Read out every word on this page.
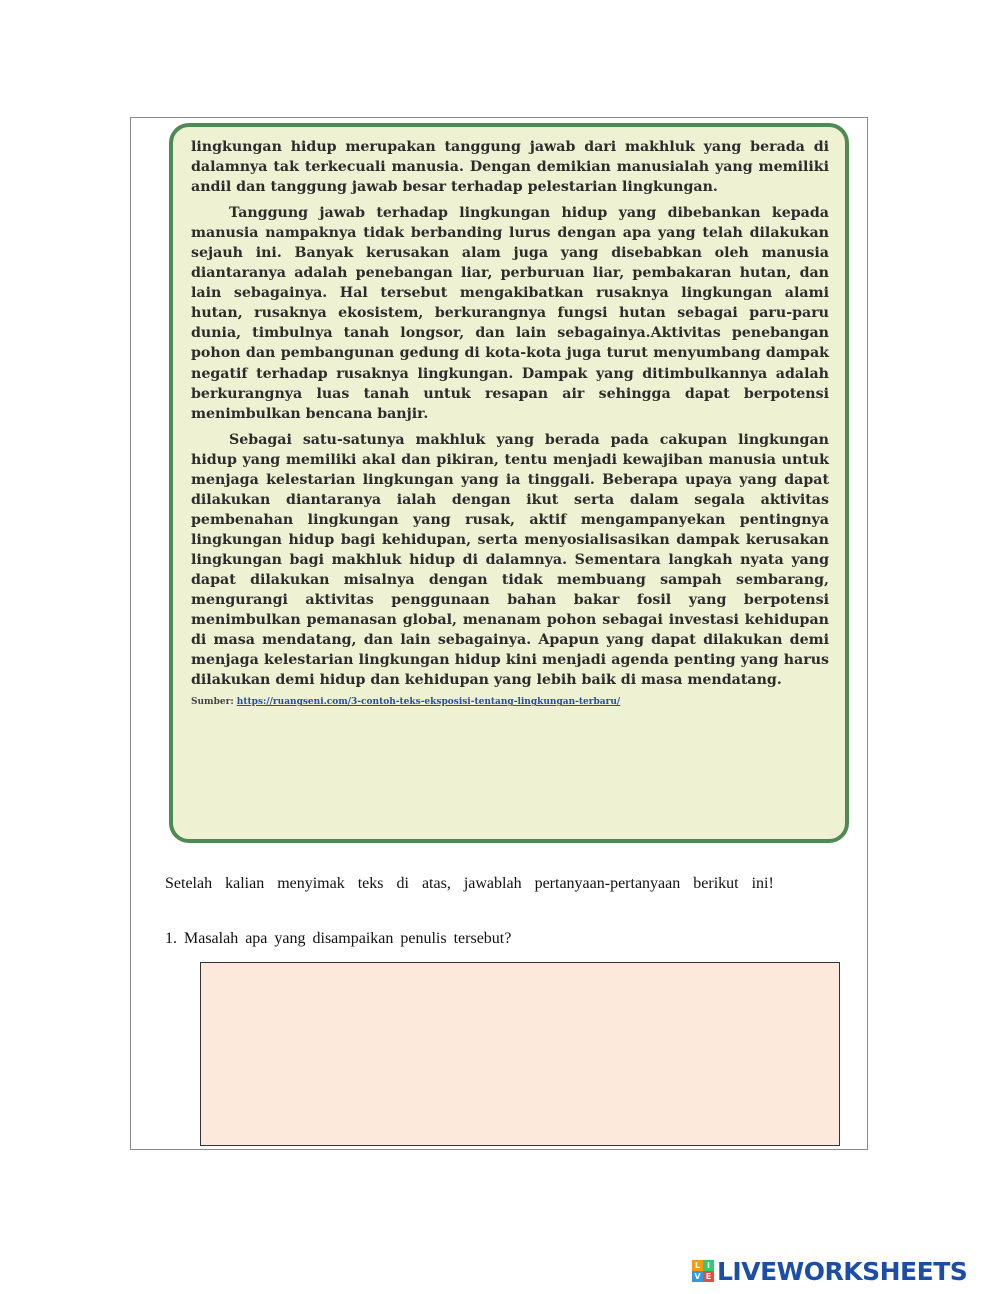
lingkungan hidup merupakan tanggung jawab dari makhluk yang berada di dalamnya tak terkecuali manusia. Dengan demikian manusialah yang memiliki andil dan tanggung jawab besar terhadap pelestarian lingkungan.

Tanggung jawab terhadap lingkungan hidup yang dibebankan kepada manusia nampaknya tidak berbanding lurus dengan apa yang telah dilakukan sejauh ini. Banyak kerusakan alam juga yang disebabkan oleh manusia diantaranya adalah penebangan liar, perburuan liar, pembakaran hutan, dan lain sebagainya. Hal tersebut mengakibatkan rusaknya lingkungan alami hutan, rusaknya ekosistem, berkurangnya fungsi hutan sebagai paru-paru dunia, timbulnya tanah longsor, dan lain sebagainya.Aktivitas penebangan pohon dan pembangunan gedung di kota-kota juga turut menyumbang dampak negatif terhadap rusaknya lingkungan. Dampak yang ditimbulkannya adalah berkurangnya luas tanah untuk resapan air sehingga dapat berpotensi menimbulkan bencana banjir.

Sebagai satu-satunya makhluk yang berada pada cakupan lingkungan hidup yang memiliki akal dan pikiran, tentu menjadi kewajiban manusia untuk menjaga kelestarian lingkungan yang ia tinggali. Beberapa upaya yang dapat dilakukan diantaranya ialah dengan ikut serta dalam segala aktivitas pembenahan lingkungan yang rusak, aktif mengampanyekan pentingnya lingkungan hidup bagi kehidupan, serta menyosialisasikan dampak kerusakan lingkungan bagi makhluk hidup di dalamnya. Sementara langkah nyata yang dapat dilakukan misalnya dengan tidak membuang sampah sembarang, mengurangi aktivitas penggunaan bahan bakar fosil yang berpotensi menimbulkan pemanasan global, menanam pohon sebagai investasi kehidupan di masa mendatang, dan lain sebagainya. Apapun yang dapat dilakukan demi menjaga kelestarian lingkungan hidup kini menjadi agenda penting yang harus dilakukan demi hidup dan kehidupan yang lebih baik di masa mendatang.

Sumber: https://ruangseni.com/3-contoh-teks-eksposisi-tentang-lingkungan-terbaru/
Setelah kalian menyimak teks di atas, jawablah pertanyaan-pertanyaan berikut ini!
1. Masalah apa yang disampaikan penulis tersebut?
L I
V E LIVEWORKSHEETS
